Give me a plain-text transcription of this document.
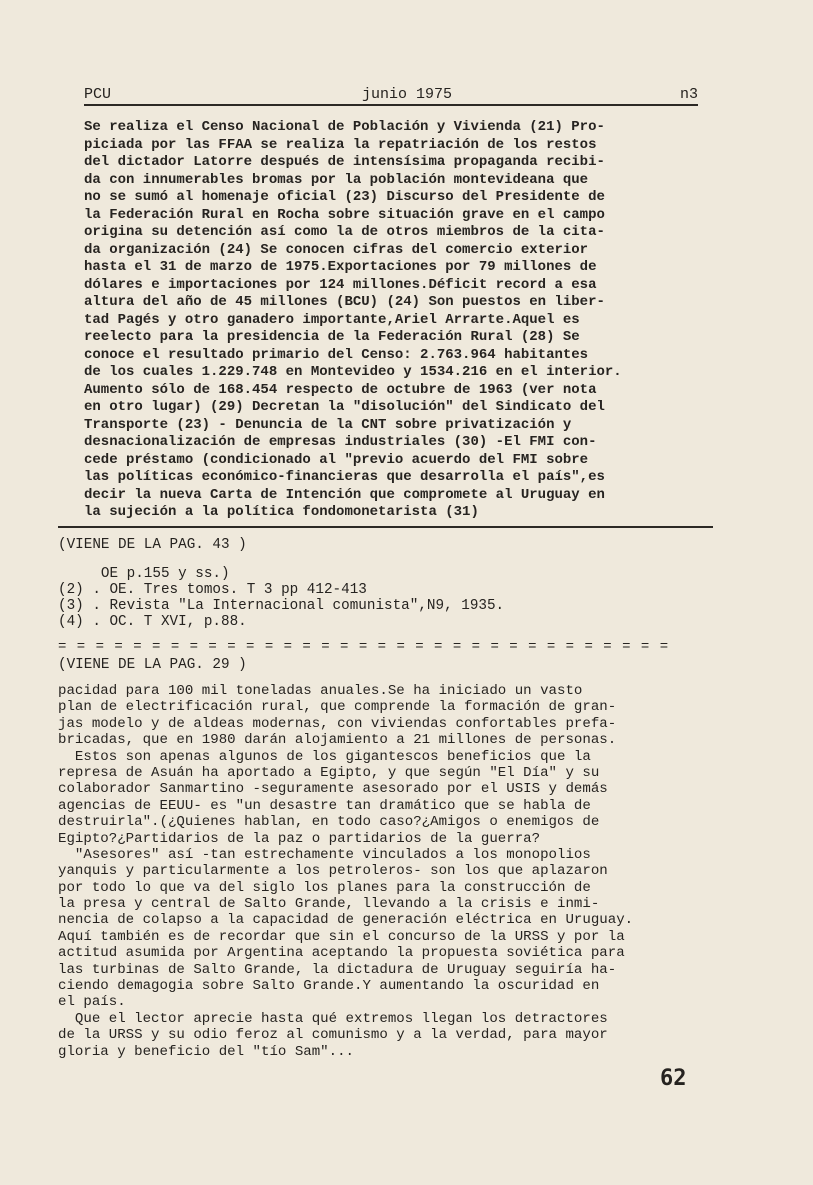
PCU	junio 1975	n3
Se realiza el Censo Nacional de Población y Vivienda (21) Pro-
piciada por las FFAA se realiza la repatriación de los restos
del dictador Latorre después de intensísima propaganda recibi-
da con innumerables bromas por la población montevideana que
no se sumó al homenaje oficial (23) Discurso del Presidente de
la Federación Rural en Rocha sobre situación grave en el campo
origina su detención así como la de otros miembros de la cita-
da organización (24) Se conocen cifras del comercio exterior
hasta el 31 de marzo de 1975.Exportaciones por 79 millones de
dólares e importaciones por 124 millones.Déficit record a esa
altura del año de 45 millones (BCU) (24) Son puestos en liber-
tad Pagés y otro ganadero importante,Ariel Arrarte.Aquel es
reelecto para la presidencia de la Federación Rural (28) Se
conoce el resultado primario del Censo: 2.763.964 habitantes
de los cuales 1.229.748 en Montevideo y 1534.216 en el interior.
Aumento sólo de 168.454 respecto de octubre de 1963 (ver nota
en otro lugar) (29) Decretan la "disolución" del Sindicato del
Transporte (23) - Denuncia de la CNT sobre privatización y
desnacionalización de empresas industriales (30) -El FMI con-
cede préstamo (condicionado al "previo acuerdo del FMI sobre
las políticas económico-financieras que desarrolla el país",es
decir la nueva Carta de Intención que compromete al Uruguay en
la sujeción a la política fondomonetarista (31)
(VIENE DE LA PAG. 43 )
OE p.155 y ss.)
(2) . OE. Tres tomos. T 3 pp 412-413
(3) . Revista "La Internacional comunista",N9, 1935.
(4) . OC. T XVI, p.88.
= = = = = = = = = = = = = = = = = = = = = = = = = = = = = = = = =
(VIENE DE LA PAG. 29 )
pacidad para 100 mil toneladas anuales.Se ha iniciado un vasto
plan de electrificación rural, que comprende la formación de gran-
jas modelo y de aldeas modernas, con viviendas confortables prefa-
bricadas, que en 1980 darán alojamiento a 21 millones de personas.
Estos son apenas algunos de los gigantescos beneficios que la
represa de Asuán ha aportado a Egipto, y que según "El Día" y su
colaborador Sanmartino -seguramente asesorado por el USIS y demás
agencias de EEUU- es "un desastre tan dramático que se habla de
destruirla".(¿Quienes hablan, en todo caso?¿Amigos o enemigos de
Egipto?¿Partidarios de la paz o partidarios de la guerra?
"Asesores" así -tan estrechamente vinculados a los monopolios
yanquis y particularmente a los petroleros- son los que aplazaron
por todo lo que va del siglo los planes para la construcción de
la presa y central de Salto Grande, llevando a la crisis e inmi-
nencia de colapso a la capacidad de generación eléctrica en Uruguay.
Aquí también es de recordar que sin el concurso de la URSS y por la
actitud asumida por Argentina aceptando la propuesta soviética para
las turbinas de Salto Grande, la dictadura de Uruguay seguiría ha-
ciendo demagogia sobre Salto Grande.Y aumentando la oscuridad en
el país.
Que el lector aprecie hasta qué extremos llegan los detractores
de la URSS y su odio feroz al comunismo y a la verdad, para mayor
gloria y beneficio del "tío Sam"...
62
